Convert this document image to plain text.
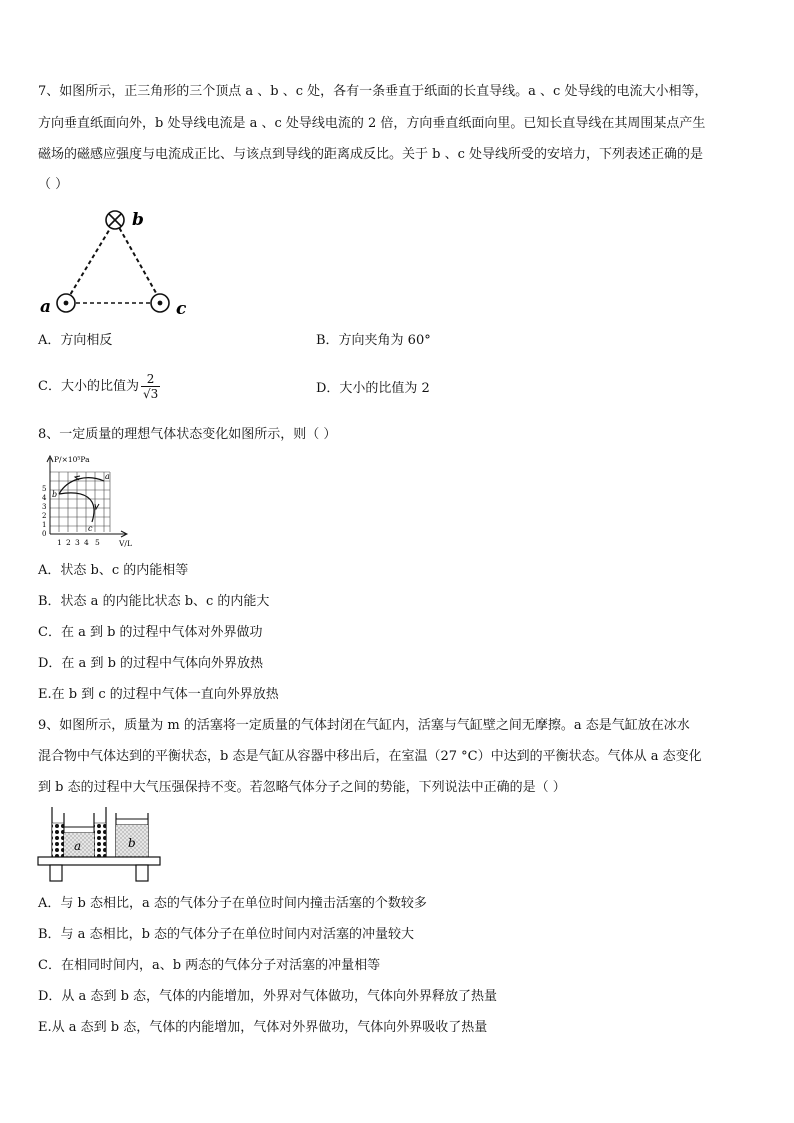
7、如图所示，正三角形的三个顶点 a 、b 、c 处，各有一条垂直于纸面的长直导线。a 、c 处导线的电流大小相等，
方向垂直纸面向外，b 处导线电流是 a 、c 处导线电流的 2 倍，方向垂直纸面向里。已知长直导线在其周围某点产生
磁场的磁感应强度与电流成正比、与该点到导线的距离成反比。关于 b 、c 处导线所受的安培力，下列表述正确的是
（ ）
b
a	c
A．方向相反	B．方向夹角为 60°
C．大小的比值为 $\frac{2}{√3}$	D．大小的比值为 2
8、一定质量的理想气体状态变化如图所示，则（ ）
P/×10⁵Pa
V/L
0
1
2
3
4
5
1 2 3 4 5
a
b
c
A．状态 b、c 的内能相等
B．状态 a 的内能比状态 b、c 的内能大
C．在 a 到 b 的过程中气体对外界做功
D．在 a 到 b 的过程中气体向外界放热
E.在 b 到 c 的过程中气体一直向外界放热
9、如图所示，质量为 m 的活塞将一定质量的气体封闭在气缸内，活塞与气缸壁之间无摩擦。a 态是气缸放在冰水
混合物中气体达到的平衡状态，b 态是气缸从容器中移出后，在室温（27 °C）中达到的平衡状态。气体从 a 态变化
到 b 态的过程中大气压强保持不变。若忽略气体分子之间的势能，下列说法中正确的是（ ）
a	b
A．与 b 态相比，a 态的气体分子在单位时间内撞击活塞的个数较多
B．与 a 态相比，b 态的气体分子在单位时间内对活塞的冲量较大
C．在相同时间内，a、b 两态的气体分子对活塞的冲量相等
D．从 a 态到 b 态，气体的内能增加，外界对气体做功，气体向外界释放了热量
E.从 a 态到 b 态，气体的内能增加，气体对外界做功，气体向外界吸收了热量
